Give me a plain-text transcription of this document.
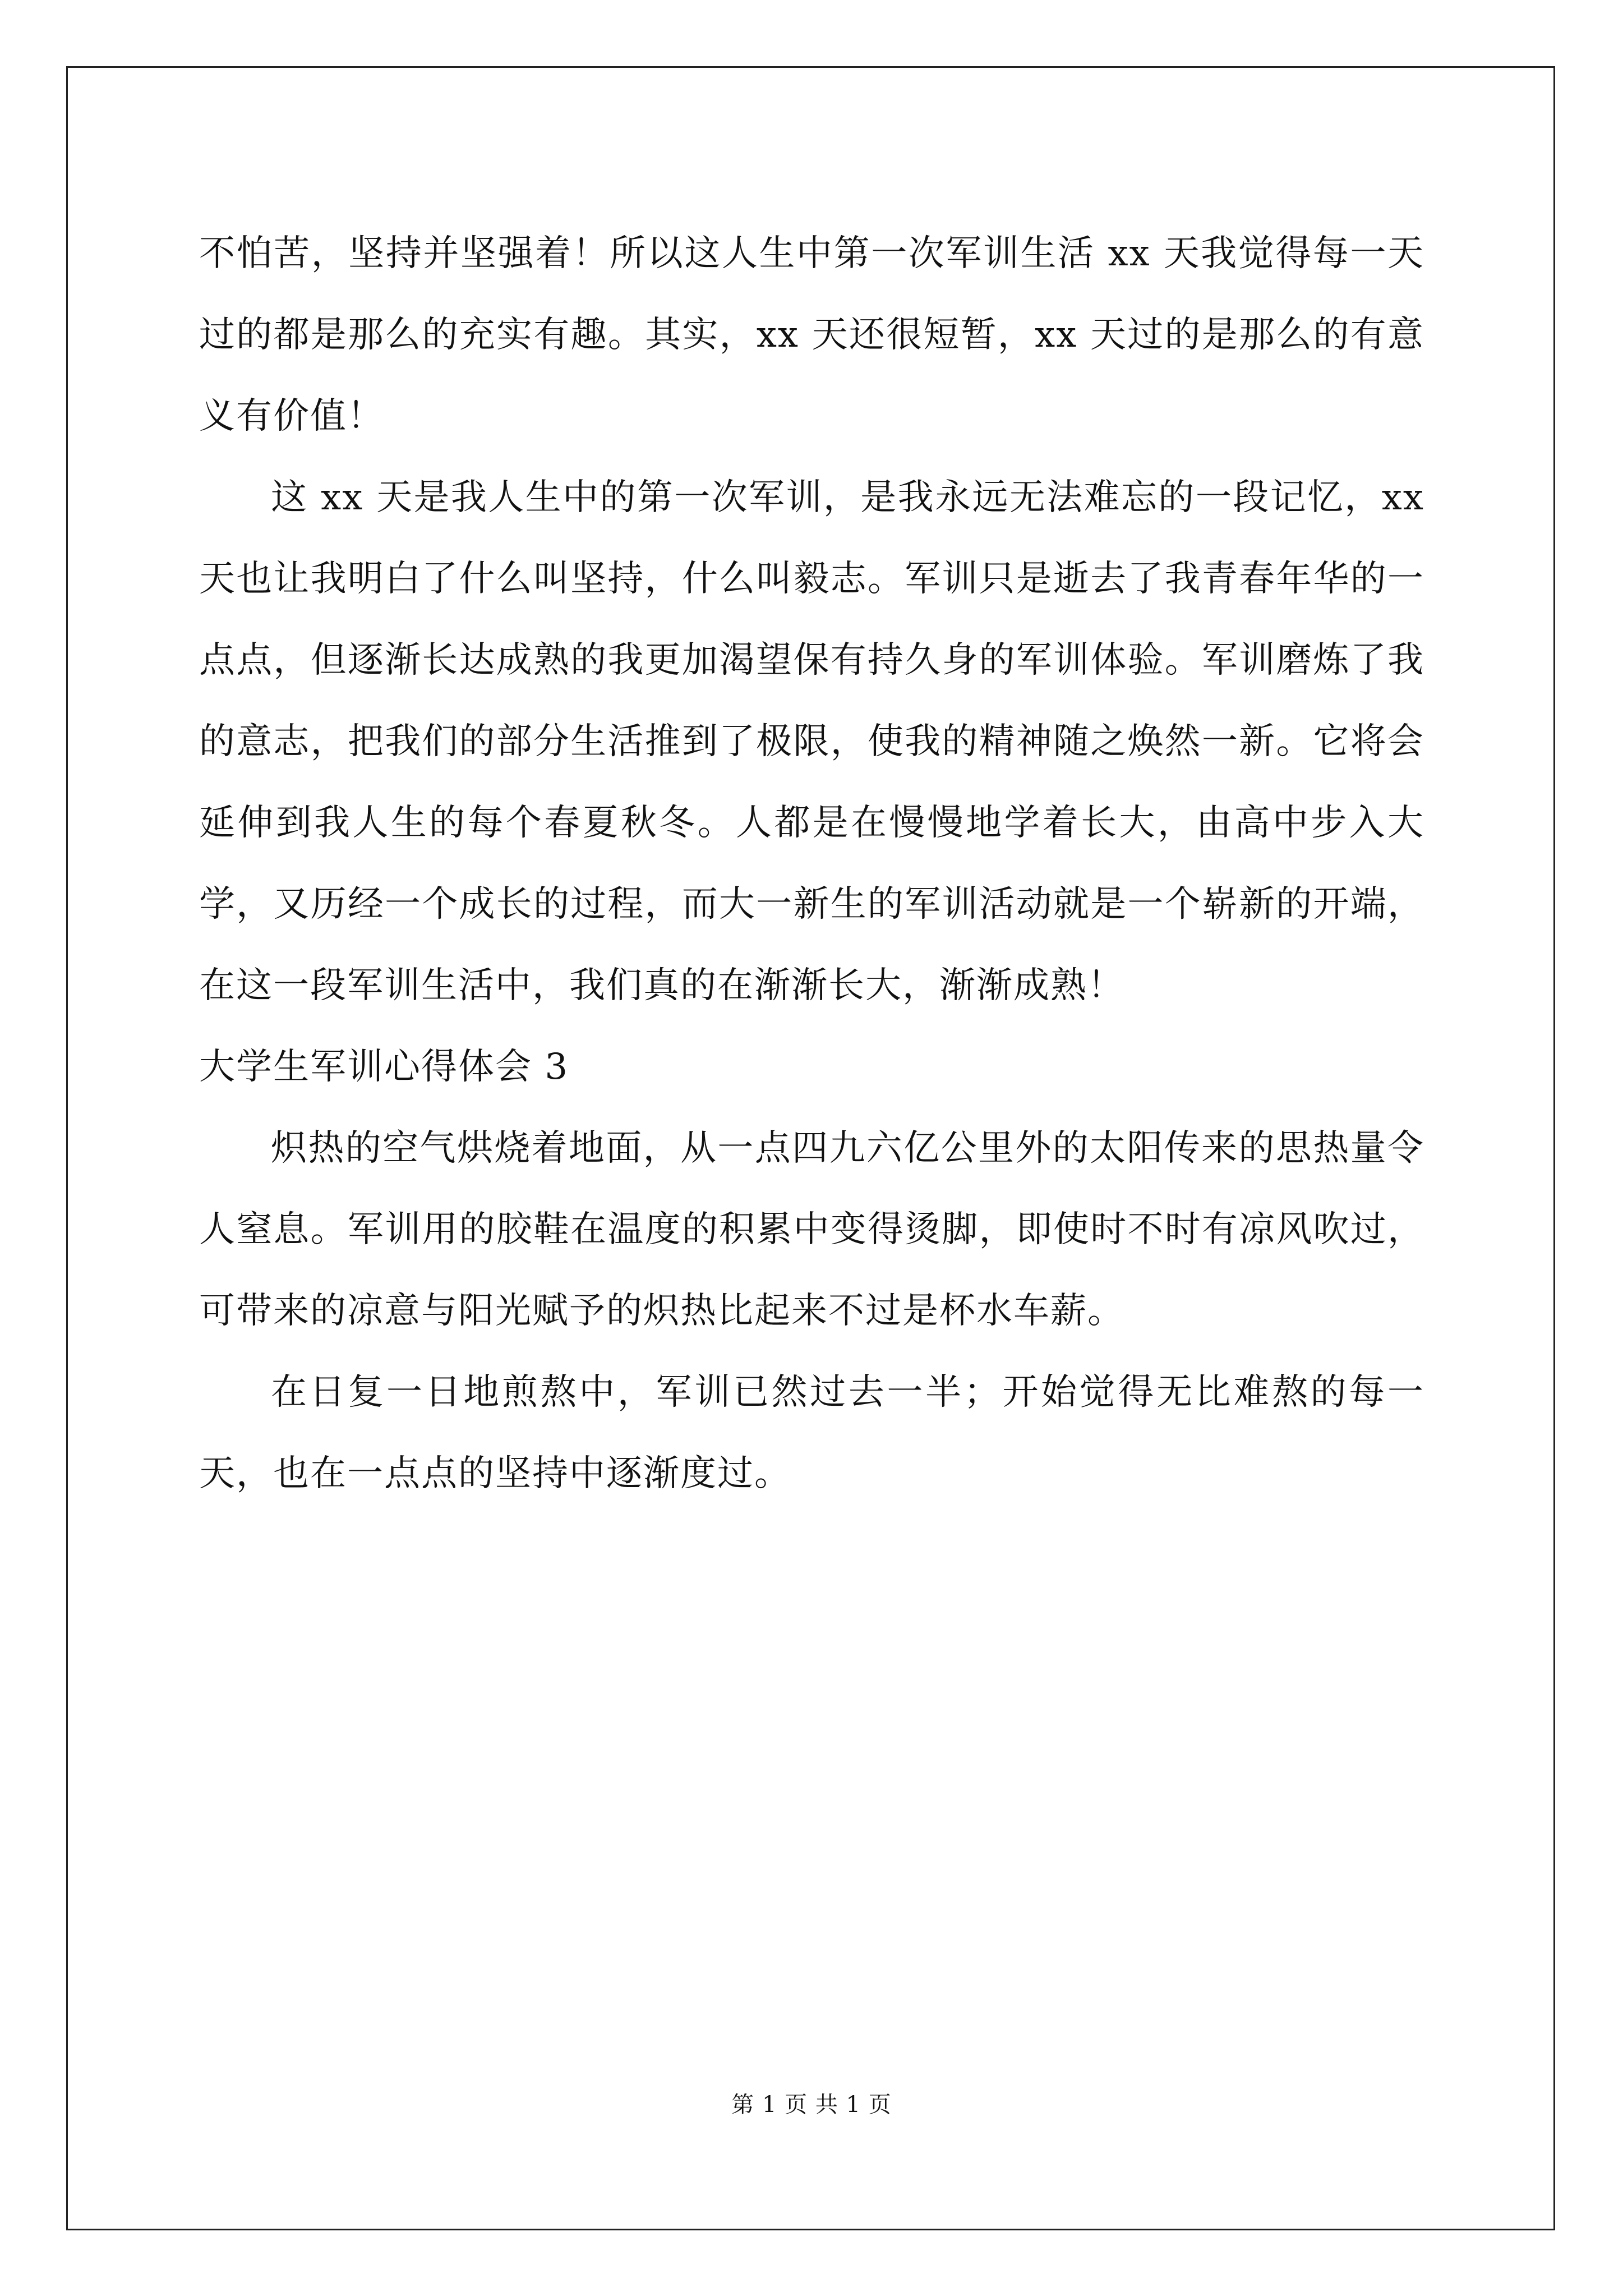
不怕苦，坚持并坚强着！所以这人生中第一次军训生活 xx 天我觉得每一天过的都是那么的充实有趣。其实，xx 天还很短暂，xx 天过的是那么的有意义有价值！

这 xx 天是我人生中的第一次军训，是我永远无法难忘的一段记忆，xx 天也让我明白了什么叫坚持，什么叫毅志。军训只是逝去了我青春年华的一点点，但逐渐长达成熟的我更加渴望保有持久身的军训体验。军训磨炼了我的意志，把我们的部分生活推到了极限，使我的精神随之焕然一新。它将会延伸到我人生的每个春夏秋冬。人都是在慢慢地学着长大，由高中步入大学，又历经一个成长的过程，而大一新生的军训活动就是一个崭新的开端，在这一段军训生活中，我们真的在渐渐长大，渐渐成熟！

大学生军训心得体会 3

炽热的空气烘烧着地面，从一点四九六亿公里外的太阳传来的思热量令人窒息。军训用的胶鞋在温度的积累中变得烫脚，即使时不时有凉风吹过，可带来的凉意与阳光赋予的炽热比起来不过是杯水车薪。

在日复一日地煎熬中，军训已然过去一半；开始觉得无比难熬的每一天，也在一点点的坚持中逐渐度过。

第 1 页 共 1 页
